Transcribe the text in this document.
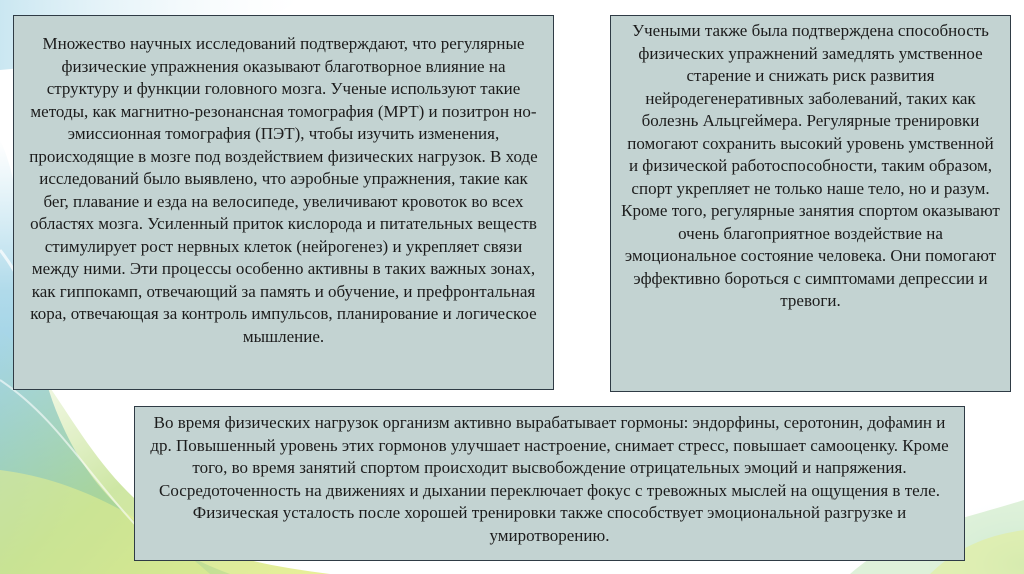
Множество научных исследований подтверждают, что регулярные физические упражнения оказывают благотворное влияние на структуру и функции головного мозга. Ученые используют такие методы, как магнитно-резонансная томография (МРТ) и позитрон но-эмиссионная томография (ПЭТ), чтобы изучить изменения, происходящие в мозге под воздействием физических нагрузок. В ходе исследований было выявлено, что аэробные упражнения, такие как бег, плавание и езда на велосипеде, увеличивают кровоток во всех областях мозга. Усиленный приток кислорода и питательных веществ стимулирует рост нервных клеток (нейрогенез) и укрепляет связи между ними. Эти процессы особенно активны в таких важных зонах, как гиппокамп, отвечающий за память и обучение, и префронтальная кора, отвечающая за контроль импульсов, планирование и логическое мышление.
Учеными также была подтверждена способность физических упражнений замедлять умственное старение и снижать риск развития нейродегенеративных заболеваний, таких как болезнь Альцгеймера. Регулярные тренировки помогают сохранить высокий уровень умственной и физической работоспособности, таким образом, спорт укрепляет не только наше тело, но и разум. Кроме того, регулярные занятия спортом оказывают очень благоприятное воздействие на эмоциональное состояние человека. Они помогают эффективно бороться с симптомами депрессии и тревоги.
Во время физических нагрузок организм активно вырабатывает гормоны: эндорфины, серотонин, дофамин и др. Повышенный уровень этих гормонов улучшает настроение, снимает стресс, повышает самооценку. Кроме того, во время занятий спортом происходит высвобождение отрицательных эмоций и напряжения. Сосредоточенность на движениях и дыхании переключает фокус с тревожных мыслей на ощущения в теле. Физическая усталость после хорошей тренировки также способствует эмоциональной разгрузке и умиротворению.
